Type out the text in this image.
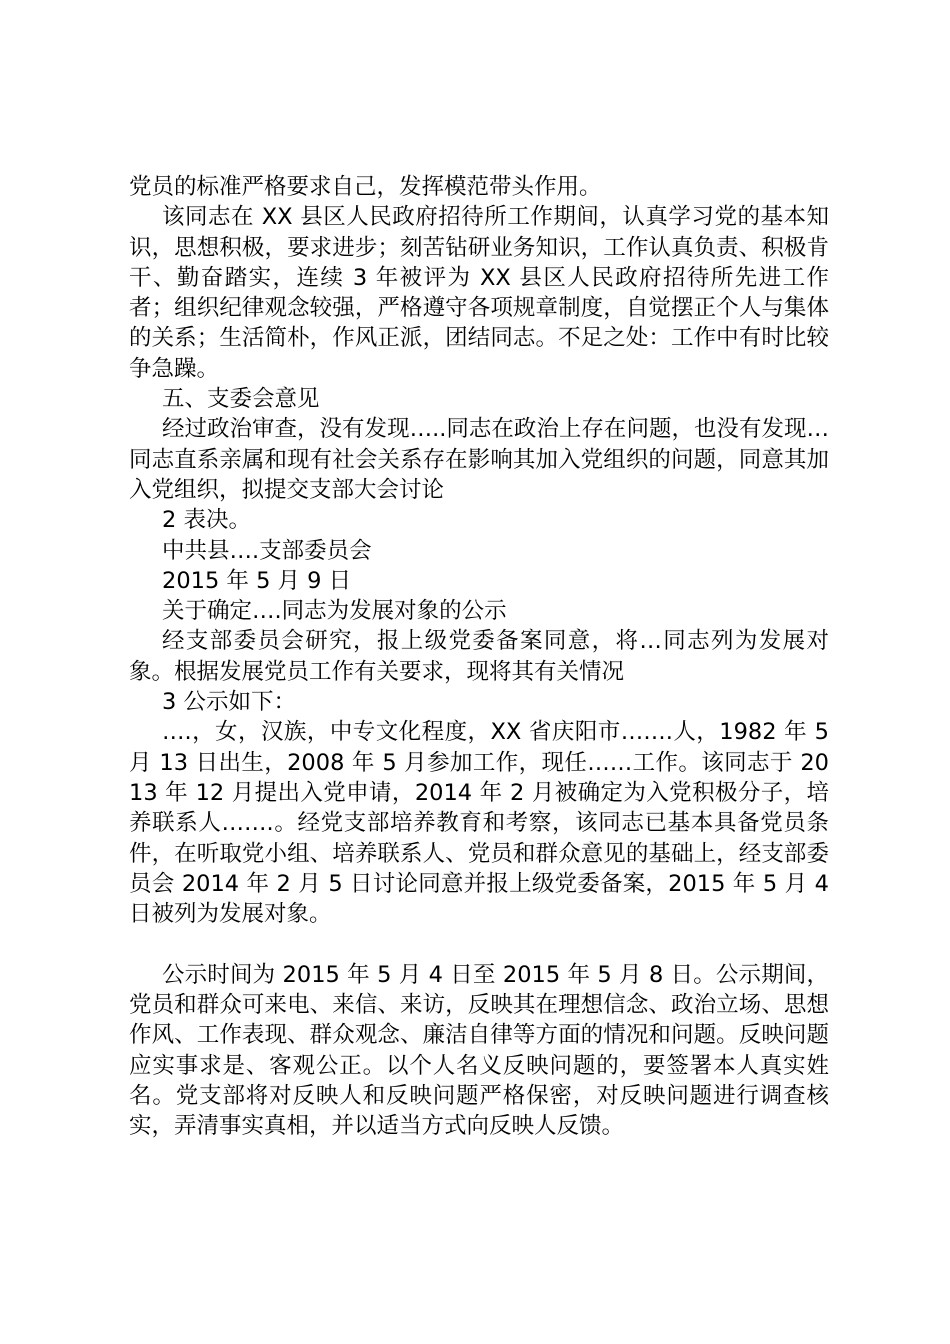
党员的标准严格要求自己，发挥模范带头作用。

该同志在 XX 县区人民政府招待所工作期间，认真学习党的基本知识，思想积极，要求进步；刻苦钻研业务知识，工作认真负责、积极肯干、勤奋踏实，连续 3 年被评为 XX 县区人民政府招待所先进工作者；组织纪律观念较强，严格遵守各项规章制度，自觉摆正个人与集体的关系；生活简朴，作风正派，团结同志。不足之处：工作中有时比较争急躁。

五、支委会意见

经过政治审查，没有发现…..同志在政治上存在问题，也没有发现…同志直系亲属和现有社会关系存在影响其加入党组织的问题，同意其加入党组织，拟提交支部大会讨论

2 表决。

中共县….支部委员会

2015 年 5 月 9 日

关于确定….同志为发展对象的公示

经支部委员会研究，报上级党委备案同意，将…同志列为发展对象。根据发展党员工作有关要求，现将其有关情况

3 公示如下：

….，女，汉族，中专文化程度，XX 省庆阳市…….人，1982 年 5 月 13 日出生，2008 年 5 月参加工作，现任……工作。该同志于 2013 年 12 月提出入党申请，2014 年 2 月被确定为入党积极分子，培养联系人…….。经党支部培养教育和考察，该同志已基本具备党员条件，在听取党小组、培养联系人、党员和群众意见的基础上，经支部委员会 2014 年 2 月 5 日讨论同意并报上级党委备案，2015 年 5 月 4 日被列为发展对象。

公示时间为 2015 年 5 月 4 日至 2015 年 5 月 8 日。公示期间，党员和群众可来电、来信、来访，反映其在理想信念、政治立场、思想作风、工作表现、群众观念、廉洁自律等方面的情况和问题。反映问题应实事求是、客观公正。以个人名义反映问题的，要签署本人真实姓名。党支部将对反映人和反映问题严格保密，对反映问题进行调查核实，弄清事实真相，并以适当方式向反映人反馈。
